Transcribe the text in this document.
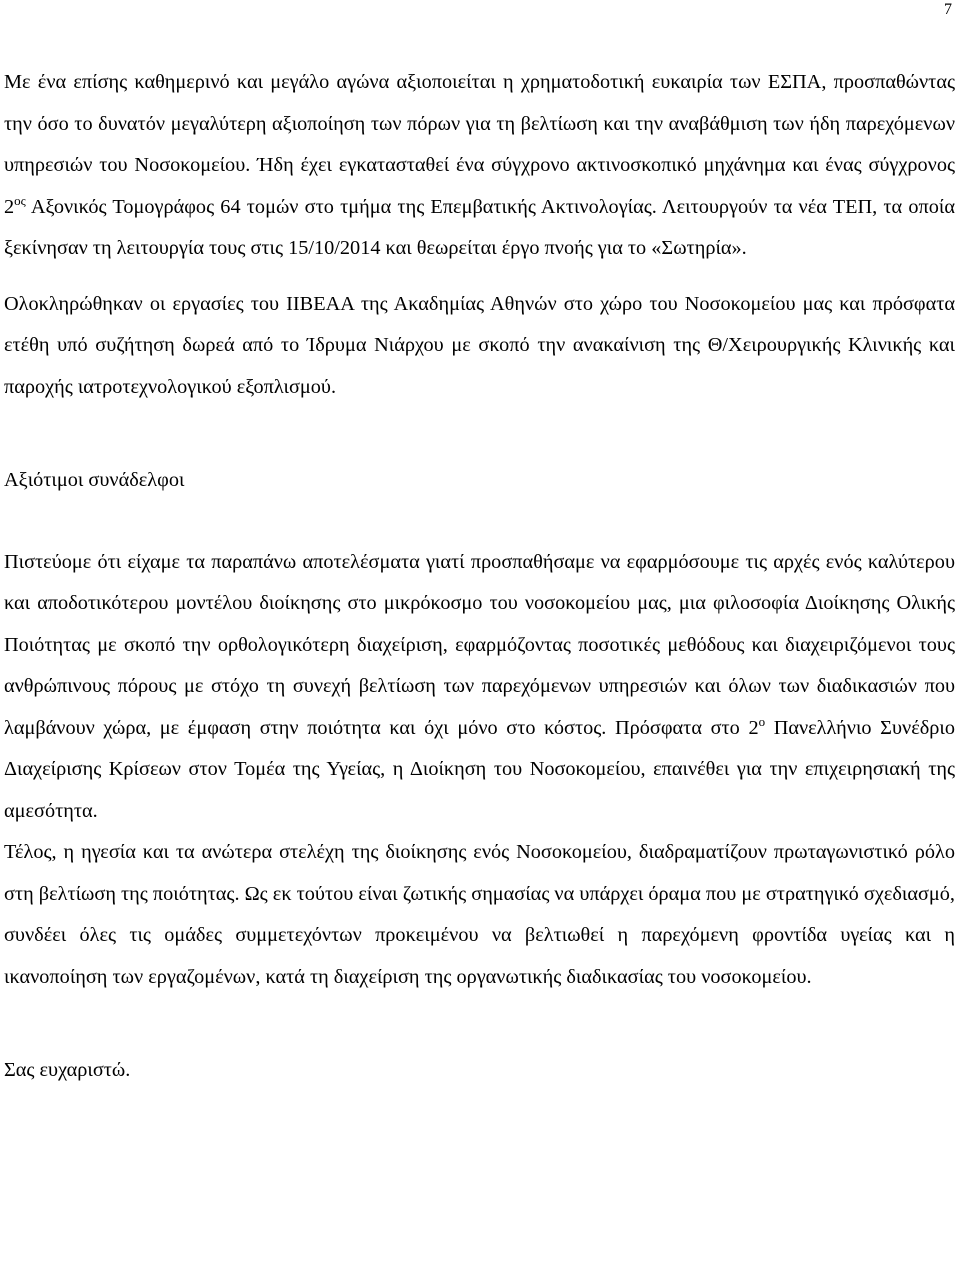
7

Με ένα επίσης καθημερινό και μεγάλο αγώνα αξιοποιείται η χρηματοδοτική ευκαιρία των ΕΣΠΑ, προσπαθώντας την όσο το δυνατόν μεγαλύτερη αξιοποίηση των πόρων για τη βελτίωση και την αναβάθμιση των ήδη παρεχόμενων υπηρεσιών του Νοσοκομείου. Ήδη έχει εγκατασταθεί ένα σύγχρονο ακτινοσκοπικό μηχάνημα και ένας σύγχρονος $2^{o\varsigma}$ Αξονικός Τομογράφος 64 τομών στο τμήμα της Επεμβατικής Ακτινολογίας. Λειτουργούν τα νέα ΤΕΠ, τα οποία ξεκίνησαν τη λειτουργία τους στις 15/10/2014 και θεωρείται έργο πνοής για το «Σωτηρία».

Ολοκληρώθηκαν οι εργασίες του ΙΙΒΕΑΑ της Ακαδημίας Αθηνών στο χώρο του Νοσοκομείου μας και πρόσφατα ετέθη υπό συζήτηση δωρεά από το Ίδρυμα Νιάρχου με σκοπό την ανακαίνιση της Θ/Χειρουργικής Κλινικής και παροχής ιατροτεχνολογικού εξοπλισμού.

Αξιότιμοι συνάδελφοι

Πιστεύομε ότι είχαμε τα παραπάνω αποτελέσματα γιατί προσπαθήσαμε να εφαρμόσουμε τις αρχές ενός καλύτερου και αποδοτικότερου μοντέλου διοίκησης στο μικρόκοσμο του νοσοκομείου μας, μια φιλοσοφία Διοίκησης Ολικής Ποιότητας με σκοπό την ορθολογικότερη διαχείριση, εφαρμόζοντας ποσοτικές μεθόδους και διαχειριζόμενοι τους ανθρώπινους πόρους με στόχο τη συνεχή βελτίωση των παρεχόμενων υπηρεσιών και όλων των διαδικασιών που λαμβάνουν χώρα, με έμφαση στην ποιότητα και όχι μόνο στο κόστος. Πρόσφατα στο $2^o$ Πανελλήνιο Συνέδριο Διαχείρισης Κρίσεων στον Τομέα της Υγείας, η Διοίκηση του Νοσοκομείου, επαινέθει για την επιχειρησιακή της αμεσότητα.

Τέλος, η ηγεσία και τα ανώτερα στελέχη της διοίκησης ενός Νοσοκομείου, διαδραματίζουν πρωταγωνιστικό ρόλο στη βελτίωση της ποιότητας. Ως εκ τούτου είναι ζωτικής σημασίας να υπάρχει όραμα που με στρατηγικό σχεδιασμό, συνδέει όλες τις ομάδες συμμετεχόντων προκειμένου να βελτιωθεί η παρεχόμενη φροντίδα υγείας και η ικανοποίηση των εργαζομένων, κατά τη διαχείριση της οργανωτικής διαδικασίας του νοσοκομείου.

Σας ευχαριστώ.
